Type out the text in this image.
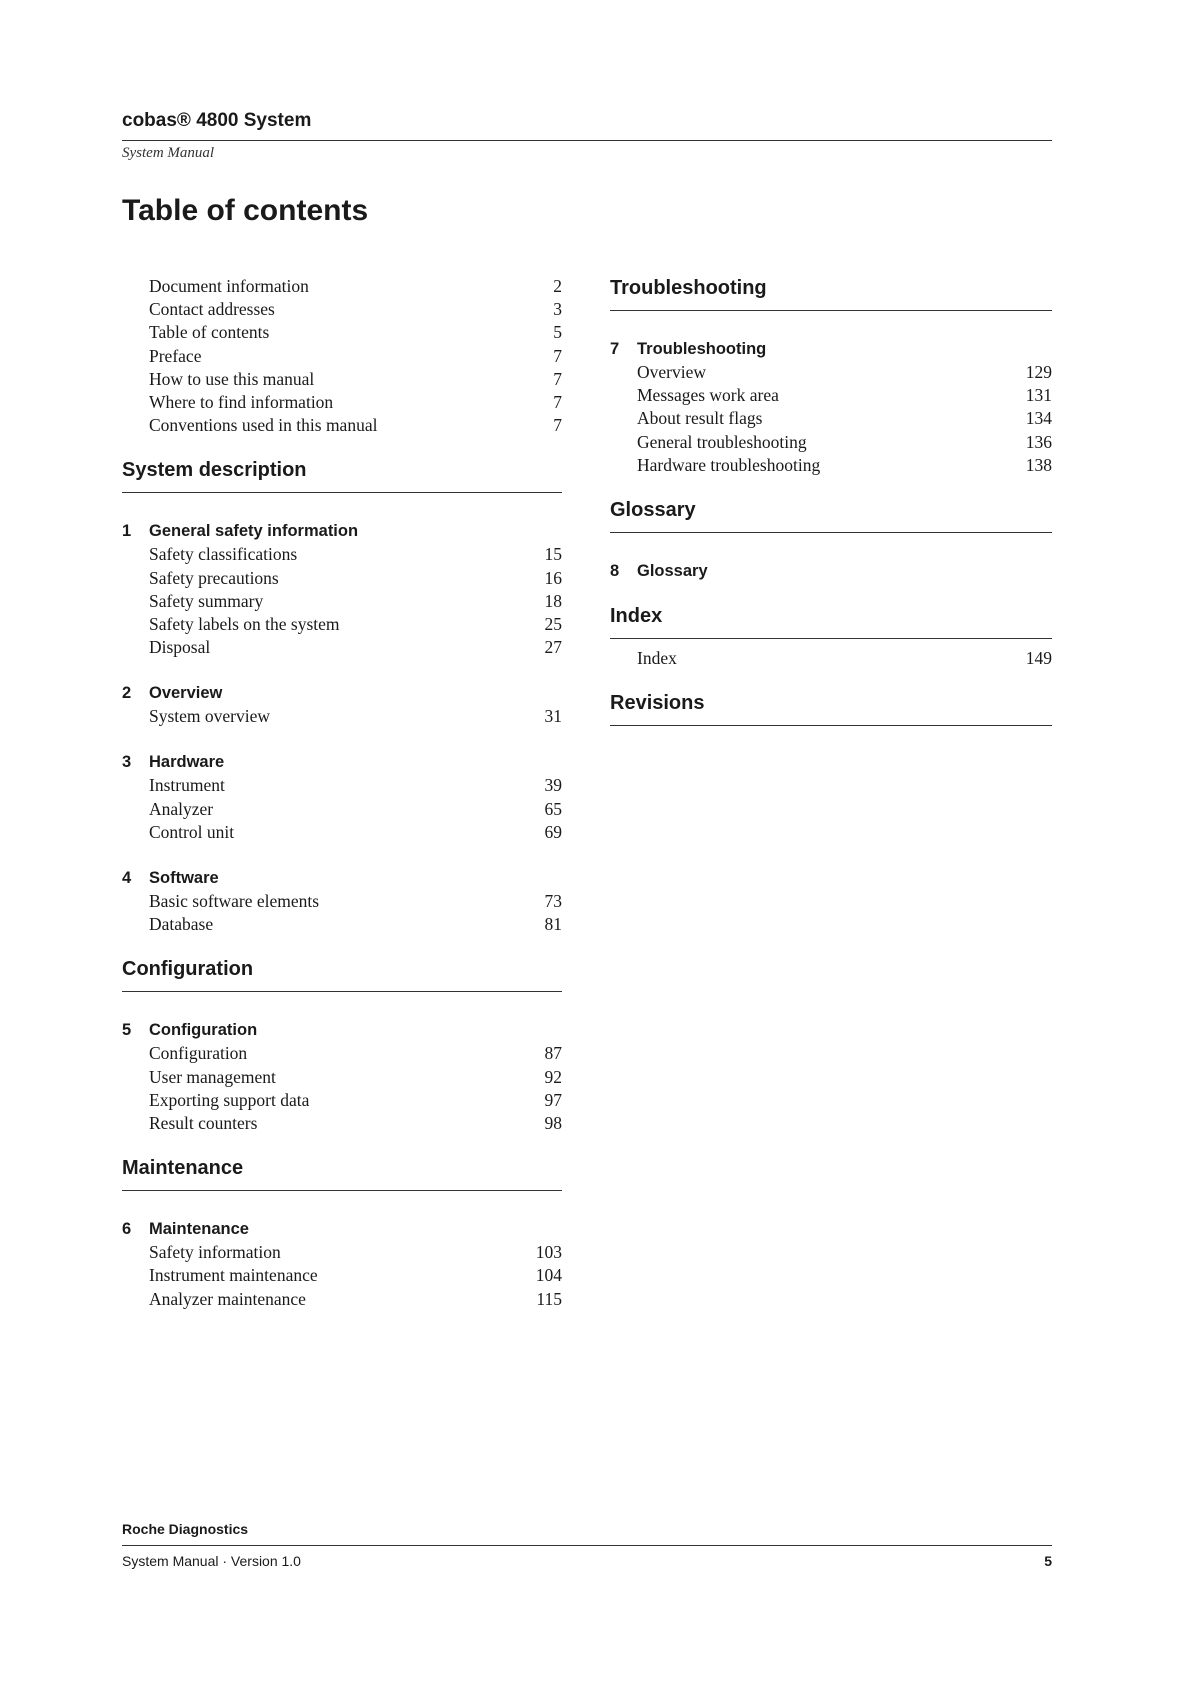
cobas® 4800 System
System Manual
Table of contents
Document information	2
Contact addresses	3
Table of contents	5
Preface	7
How to use this manual	7
Where to find information	7
Conventions used in this manual	7
System description
1	General safety information
Safety classifications	15
Safety precautions	16
Safety summary	18
Safety labels on the system	25
Disposal	27
2	Overview
System overview	31
3	Hardware
Instrument	39
Analyzer	65
Control unit	69
4	Software
Basic software elements	73
Database	81
Configuration
5	Configuration
Configuration	87
User management	92
Exporting support data	97
Result counters	98
Maintenance
6	Maintenance
Safety information	103
Instrument maintenance	104
Analyzer maintenance	115
Troubleshooting
7	Troubleshooting
Overview	129
Messages work area	131
About result flags	134
General troubleshooting	136
Hardware troubleshooting	138
Glossary
8	Glossary
Index
Index	149
Revisions
Roche Diagnostics
System Manual · Version 1.0	5
